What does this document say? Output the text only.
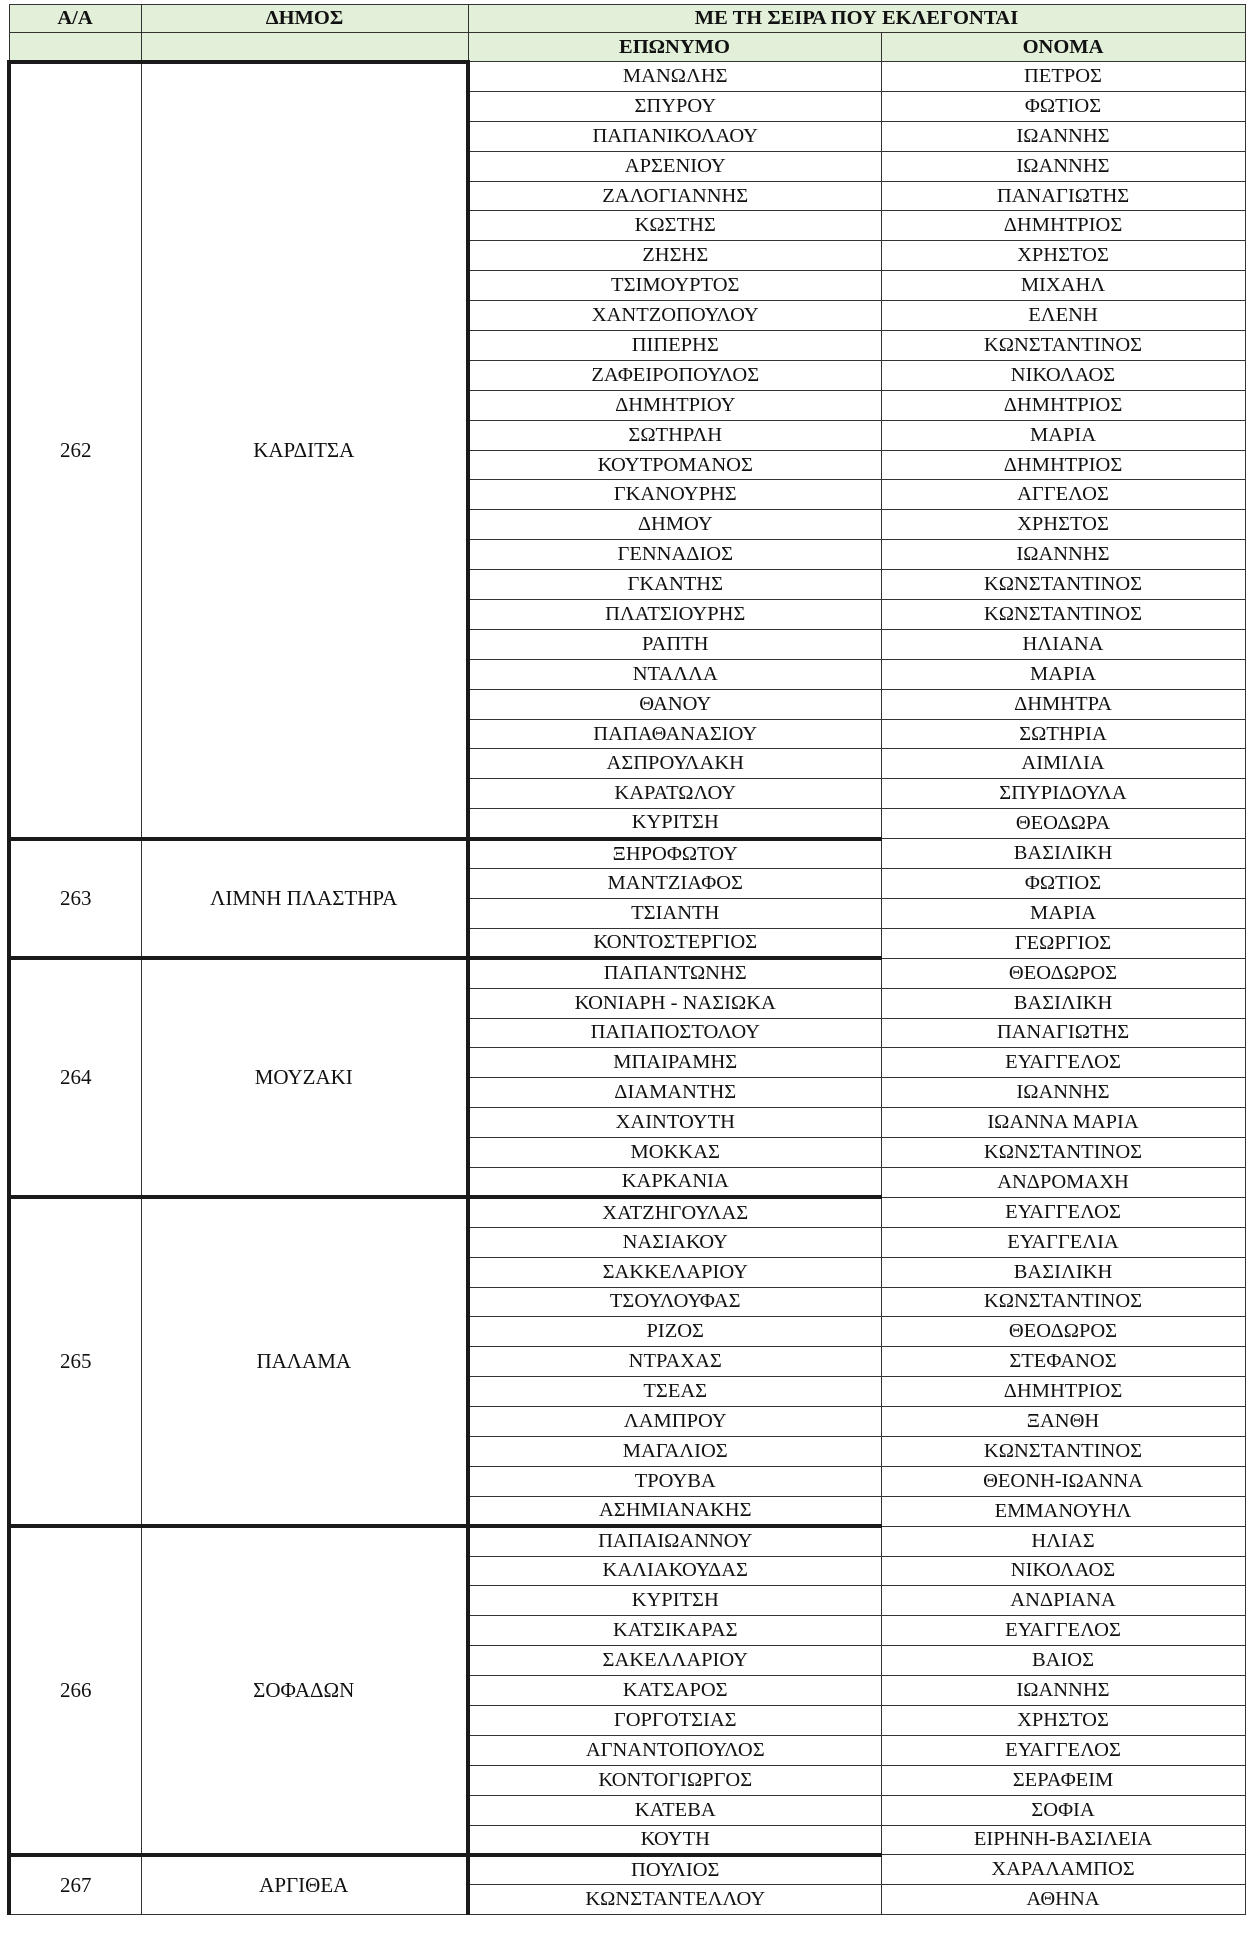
Α/Α	ΔΗΜΟΣ	ΜΕ ΤΗ ΣΕΙΡΑ ΠΟΥ ΕΚΛΕΓΟΝΤΑΙ	
		ΕΠΩΝΥΜΟ	ΟΝΟΜΑ
262	ΚΑΡΔΙΤΣΑ	ΜΑΝΩΛΗΣ	ΠΕΤΡΟΣ
		ΣΠΥΡΟΥ	ΦΩΤΙΟΣ
		ΠΑΠΑΝΙΚΟΛΑΟΥ	ΙΩΑΝΝΗΣ
		ΑΡΣΕΝΙΟΥ	ΙΩΑΝΝΗΣ
		ΖΑΛΟΓΙΑΝΝΗΣ	ΠΑΝΑΓΙΩΤΗΣ
		ΚΩΣΤΗΣ	ΔΗΜΗΤΡΙΟΣ
		ΖΗΣΗΣ	ΧΡΗΣΤΟΣ
		ΤΣΙΜΟΥΡΤΟΣ	ΜΙΧΑΗΛ
		ΧΑΝΤΖΟΠΟΥΛΟΥ	ΕΛΕΝΗ
		ΠΙΠΕΡΗΣ	ΚΩΝΣΤΑΝΤΙΝΟΣ
		ΖΑΦΕΙΡΟΠΟΥΛΟΣ	ΝΙΚΟΛΑΟΣ
		ΔΗΜΗΤΡΙΟΥ	ΔΗΜΗΤΡΙΟΣ
		ΣΩΤΗΡΛΗ	ΜΑΡΙΑ
		ΚΟΥΤΡΟΜΑΝΟΣ	ΔΗΜΗΤΡΙΟΣ
		ΓΚΑΝΟΥΡΗΣ	ΑΓΓΕΛΟΣ
		ΔΗΜΟΥ	ΧΡΗΣΤΟΣ
		ΓΕΝΝΑΔΙΟΣ	ΙΩΑΝΝΗΣ
		ΓΚΑΝΤΗΣ	ΚΩΝΣΤΑΝΤΙΝΟΣ
		ΠΛΑΤΣΙΟΥΡΗΣ	ΚΩΝΣΤΑΝΤΙΝΟΣ
		ΡΑΠΤΗ	ΗΛΙΑΝΑ
		ΝΤΑΛΛΑ	ΜΑΡΙΑ
		ΘΑΝΟΥ	ΔΗΜΗΤΡΑ
		ΠΑΠΑΘΑΝΑΣΙΟΥ	ΣΩΤΗΡΙΑ
		ΑΣΠΡΟΥΛΑΚΗ	ΑΙΜΙΛΙΑ
		ΚΑΡΑΤΩΛΟΥ	ΣΠΥΡΙΔΟΥΛΑ
		ΚΥΡΙΤΣΗ	ΘΕΟΔΩΡΑ
263	ΛΙΜΝΗ ΠΛΑΣΤΗΡΑ	ΞΗΡΟΦΩΤΟΥ	ΒΑΣΙΛΙΚΗ
		ΜΑΝΤΖΙΑΦΟΣ	ΦΩΤΙΟΣ
		ΤΣΙΑΝΤΗ	ΜΑΡΙΑ
		ΚΟΝΤΟΣΤΕΡΓΙΟΣ	ΓΕΩΡΓΙΟΣ
264	ΜΟΥΖΑΚΙ	ΠΑΠΑΝΤΩΝΗΣ	ΘΕΟΔΩΡΟΣ
		ΚΟΝΙΑΡΗ - ΝΑΣΙΩΚΑ	ΒΑΣΙΛΙΚΗ
		ΠΑΠΑΠΟΣΤΟΛΟΥ	ΠΑΝΑΓΙΩΤΗΣ
		ΜΠΑΙΡΑΜΗΣ	ΕΥΑΓΓΕΛΟΣ
		ΔΙΑΜΑΝΤΗΣ	ΙΩΑΝΝΗΣ
		ΧΑΙΝΤΟΥΤΗ	ΙΩΑΝΝΑ ΜΑΡΙΑ
		ΜΟΚΚΑΣ	ΚΩΝΣΤΑΝΤΙΝΟΣ
		ΚΑΡΚΑΝΙΑ	ΑΝΔΡΟΜΑΧΗ
265	ΠΑΛΑΜΑ	ΧΑΤΖΗΓΟΥΛΑΣ	ΕΥΑΓΓΕΛΟΣ
		ΝΑΣΙΑΚΟΥ	ΕΥΑΓΓΕΛΙΑ
		ΣΑΚΚΕΛΑΡΙΟΥ	ΒΑΣΙΛΙΚΗ
		ΤΣΟΥΛΟΥΦΑΣ	ΚΩΝΣΤΑΝΤΙΝΟΣ
		ΡΙΖΟΣ	ΘΕΟΔΩΡΟΣ
		ΝΤΡΑΧΑΣ	ΣΤΕΦΑΝΟΣ
		ΤΣΕΑΣ	ΔΗΜΗΤΡΙΟΣ
		ΛΑΜΠΡΟΥ	ΞΑΝΘΗ
		ΜΑΓΑΛΙΟΣ	ΚΩΝΣΤΑΝΤΙΝΟΣ
		ΤΡΟΥΒΑ	ΘΕΟΝΗ-ΙΩΑΝΝΑ
		ΑΣΗΜΙΑΝΑΚΗΣ	ΕΜΜΑΝΟΥΗΛ
266	ΣΟΦΑΔΩΝ	ΠΑΠΑΙΩΑΝΝΟΥ	ΗΛΙΑΣ
		ΚΑΛΙΑΚΟΥΔΑΣ	ΝΙΚΟΛΑΟΣ
		ΚΥΡΙΤΣΗ	ΑΝΔΡΙΑΝΑ
		ΚΑΤΣΙΚΑΡΑΣ	ΕΥΑΓΓΕΛΟΣ
		ΣΑΚΕΛΛΑΡΙΟΥ	ΒΑΙΟΣ
		ΚΑΤΣΑΡΟΣ	ΙΩΑΝΝΗΣ
		ΓΟΡΓΟΤΣΙΑΣ	ΧΡΗΣΤΟΣ
		ΑΓΝΑΝΤΟΠΟΥΛΟΣ	ΕΥΑΓΓΕΛΟΣ
		ΚΟΝΤΟΓΙΩΡΓΟΣ	ΣΕΡΑΦΕΙΜ
		ΚΑΤΕΒΑ	ΣΟΦΙΑ
		ΚΟΥΤΗ	ΕΙΡΗΝΗ-ΒΑΣΙΛΕΙΑ
267	ΑΡΓΙΘΕΑ	ΠΟΥΛΙΟΣ	ΧΑΡΑΛΑΜΠΟΣ
		ΚΩΝΣΤΑΝΤΕΛΛΟΥ	ΑΘΗΝΑ
